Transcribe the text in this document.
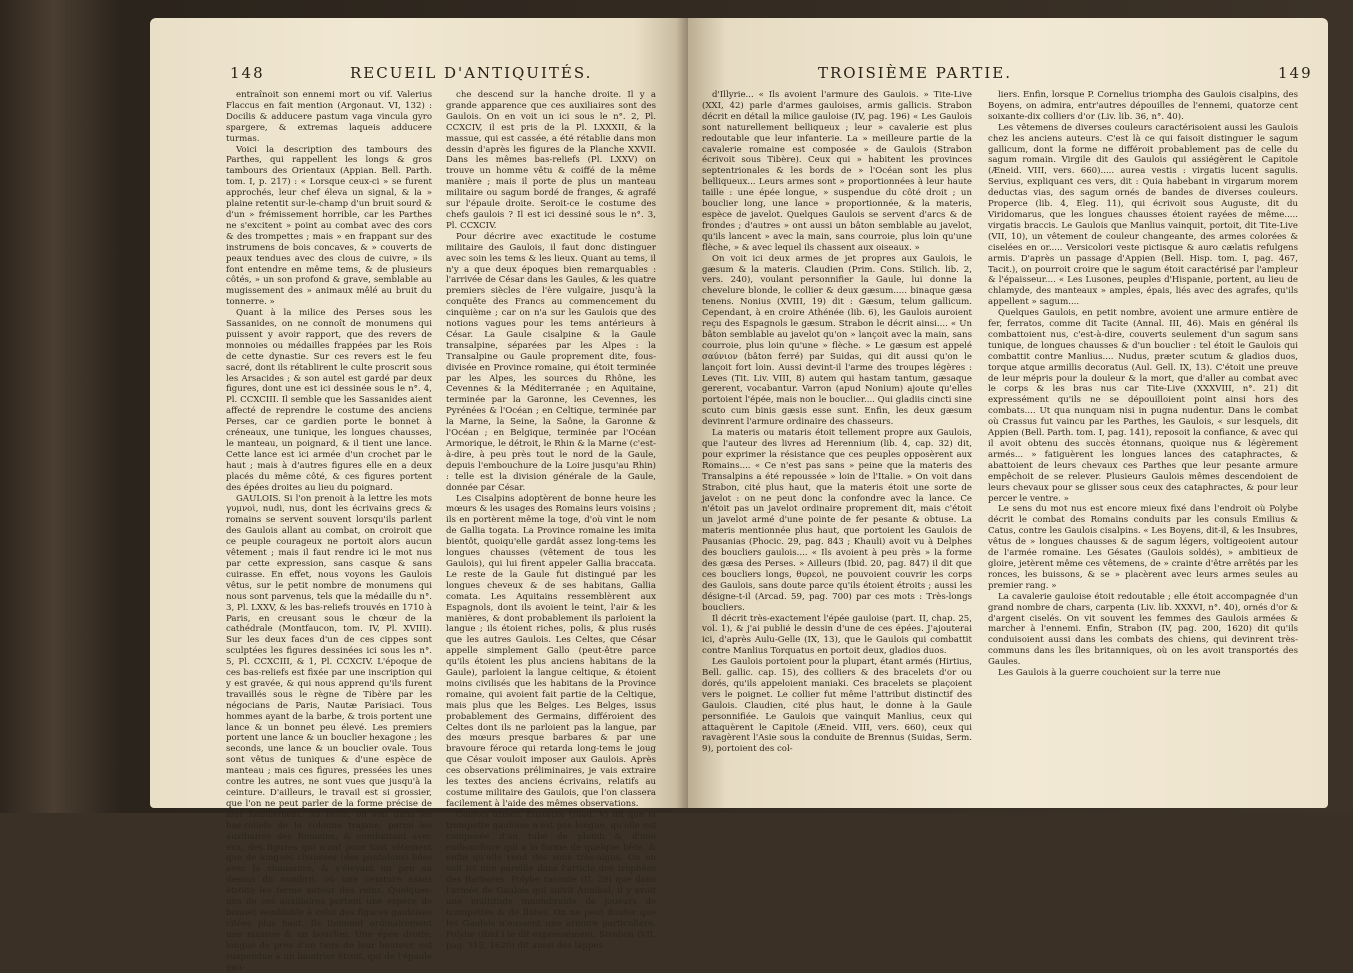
148	RECUEIL D'ANTIQUITÉS.

entraînoit son ennemi mort ou vif. Valerius Flaccus en fait mention (Argonaut. VI, 132) : Docilis & adducere pastum vaga vincula gyro spargere, & extremas laqueis adducere turmas.

Voici la description des tambours des Parthes, qui rappellent les longs & gros tambours des Orientaux (Appian. Bell. Parth. tom. I, p. 217) : « Lorsque ceux-ci » se furent approchés, leur chef éleva un signal, & la » plaine retentit sur-le-champ d'un bruit sourd & d'un » frémissement horrible, car les Parthes ne s'excitent » point au combat avec des cors & des trompettes ; mais » en frappant sur des instrumens de bois concaves, & » couverts de peaux tendues avec des clous de cuivre, » ils font entendre en même tems, & de plusieurs côtés, » un son profond & grave, semblable au mugissement des » animaux mêlé au bruit du tonnerre. »

Quant à la milice des Perses sous les Sassanides, on ne connoît de monumens qui puissent y avoir rapport, que des revers de monnoies ou médailles frappées par les Rois de cette dynastie. Sur ces revers est le feu sacré, dont ils rétablirent le culte proscrit sous les Arsacides ; & son autel est gardé par deux figures, dont une est ici dessinée sous le n°. 4, Pl. CCXCIII. Il semble que les Sassanides aient affecté de reprendre le costume des anciens Perses, car ce gardien porte le bonnet à créneaux, une tunique, les longues chausses, le manteau, un poignard, & il tient une lance. Cette lance est ici armée d'un crochet par le haut ; mais à d'autres figures elle en a deux placés du même côté, & ces figures portent des épées droites au lieu du poignard.

GAULOIS. Si l'on prenoit à la lettre les mots γυμνοὶ, nudi, nus, dont les écrivains grecs & romains se servent souvent lorsqu'ils parlent des Gaulois allant au combat, on croiroit que ce peuple courageux ne portoit alors aucun vêtement ; mais il faut rendre ici le mot nus par cette expression, sans casque & sans cuirasse. En effet, nous voyons les Gaulois vêtus, sur le petit nombre de monumens qui nous sont parvenus, tels que la médaille du n°. 3, Pl. LXXV, & les bas-reliefs trouvés en 1710 à Paris, en creusant sous le chœur de la cathédrale (Montfaucon, tom. IV, Pl. XVIII). Sur les deux faces d'un de ces cippes sont sculptées les figures dessinées ici sous les n°. 5, Pl. CCXCIII, & 1, Pl. CCXCIV. L'époque de ces bas-reliefs est fixée par une inscription qui y est gravée, & qui nous apprend qu'ils furent travaillés sous le règne de Tibère par les négocians de Paris, Nautæ Parisiaci. Tous hommes ayant de la barbe, & trois portent une lance & un bonnet peu élevé. Les premiers portent une lance & un bouclier hexagone ; les seconds, une lance & un bouclier ovale. Tous sont vêtus de tuniques & d'une espèce de manteau ; mais ces figures, pressées les unes contre les autres, ne sont vues que jusqu'à la ceinture. D'ailleurs, le travail est si grossier, que l'on ne peut parler de la forme précise de leur habillement. Au reste, on voit dans les bas-reliefs de la colonne trajane, parmi les auxiliaires des Romains, & combattant avec eux, des figures qui n'ont pour tout vêtement que de longues chausses (des pantalons) liées avec la chaussure, & s'élevant un peu au dessus du nombril, où une ceinture assez étroite les ferme autour des reins. Quelques-uns de ces auxiliaires portent une espèce de bonnet semblable à celui des figures gauloises citées plus haut. Ils tiennent ordinairement une massue & un bouclier. Une épée droite, longue de près d'un tiers de leur hauteur, est suspendue à un baudrier étroit, qui de l'épaule gau-

che descend sur la hanche droite. Il y a grande apparence que ces auxiliaires sont des Gaulois. On en voit un ici sous le n°. 2, Pl. CCXCIV, il est pris de la Pl. LXXXII, & la massue, qui est cassée, a été rétablie dans mon dessin d'après les figures de la Planche XXVII. Dans les mêmes bas-reliefs (Pl. LXXV) on trouve un homme vêtu & coiffé de la même manière ; mais il porte de plus un manteau militaire ou sagum bordé de franges, & agrafé sur l'épaule droite. Seroit-ce le costume des chefs gaulois ? Il est ici dessiné sous le n°. 3, Pl. CCXCIV.

Pour décrire avec exactitude le costume militaire des Gaulois, il faut donc distinguer avec soin les tems & les lieux. Quant au tems, il n'y a que deux époques bien remarquables : l'arrivée de César dans les Gaules, & les quatre premiers siècles de l'ère vulgaire, jusqu'à la conquête des Francs au commencement du cinquième ; car on n'a sur les Gaulois que des notions vagues pour les tems antérieurs à César. La Gaule cisalpine & la Gaule transalpine, séparées par les Alpes : la Transalpine ou Gaule proprement dite, fous-divisée en Province romaine, qui étoit terminée par les Alpes, les sources du Rhône, les Cevennes & la Méditerranée ; en Aquitaine, terminée par la Garonne, les Cevennes, les Pyrénées & l'Océan ; en Celtique, terminée par la Marne, la Seine, la Saône, la Garonne & l'Océan ; en Belgique, terminée par l'Océan Armorique, le détroit, le Rhin & la Marne (c'est-à-dire, à peu près tout le nord de la Gaule, depuis l'embouchure de la Loire jusqu'au Rhin) : telle est la division générale de la Gaule, donnée par César.

Les Cisalpins adoptèrent de bonne heure les mœurs & les usages des Romains leurs voisins ; ils en portèrent même la toge, d'où vint le nom de Gallia togata. La Province romaine les imita bientôt, quoiqu'elle gardât assez long-tems les longues chausses (vêtement de tous les Gaulois), qui lui firent appeler Gallia braccata. Le reste de la Gaule fut distingué par les longues cheveux & de ses habitans, Gallia comata. Les Aquitains ressemblèrent aux Espagnols, dont ils avoient le teint, l'air & les manières, & dont probablement ils parloient la langue ; ils étoient riches, polis, & plus rusés que les autres Gaulois. Les Celtes, que César appelle simplement Gallo (peut-être parce qu'ils étoient les plus anciens habitans de la Gaule), parloient la langue celtique, & étoient moins civilisés que les habitans de la Province romaine, qui avoient fait partie de la Celtique, mais plus que les Belges. Les Belges, issus probablement des Germains, différoient des Celtes dont ils ne parloient pas la langue, par des mœurs presque barbares & par une bravoure féroce qui retarda long-tems le joug que César vouloit imposer aux Gaulois. Après ces observations préliminaires, je vais extraire les textes des anciens écrivains, relatifs au costume militaire des Gaulois, que l'on classera facilement à l'aide des mêmes observations.

Gaulois armés. Eustathe (Iliad. V) dit que la trompette gauloise n'est pas longue, qu'elle est composée d'un tube de plomb & d'une embouchure qui a la forme de quelque bête, & enfin qu'elle rend des sons très-aigus. On en voit ici une pareille dans l'article des trophées des Barbares. Polybe raconte (II, 29) que dans l'armée de Gaulois qui suivit Annibal, il y avoit une multitude innombrable de joueurs de trompettes & de flûtes. On ne peut douter que les Gaulois n'eussent une armure particulière. Polybe (Ibid.) le dit expressément. Strabon (VII, pag. 315, 1620) dit aussi des lappes

TROISIÈME PARTIE.	149

d'Illyrie... « Ils avoient l'armure des Gaulois. » Tite-Live (XXI, 42) parle d'armes gauloises, armis gallicis. Strabon décrit en détail la milice gauloise (IV, pag. 196) « Les Gaulois sont naturellement belliqueux ; leur » cavalerie est plus redoutable que leur infanterie. La » meilleure partie de la cavalerie romaine est composée » de Gaulois (Strabon écrivoit sous Tibère). Ceux qui » habitent les provinces septentrionales & les bords de » l'Océan sont les plus belliqueux... Leurs armes sont » proportionnées à leur haute taille : une épée longue, » suspendue du côté droit ; un bouclier long, une lance » proportionnée, & la materis, espèce de javelot. Quelques Gaulois se servent d'arcs & de frondes ; d'autres » ont aussi un bâton semblable au javelot, qu'ils lancent » avec la main, sans courroie, plus loin qu'une flèche, » & avec lequel ils chassent aux oiseaux. »

On voit ici deux armes de jet propres aux Gaulois, le gæsum & la materis. Claudien (Prim. Cons. Stilich. lib. 2, vers. 240), voulant personnifier la Gaule, lui donne la chevelure blonde, le collier & deux gæsum..... binaque gæsa tenens. Nonius (XVIII, 19) dit : Gæsum, telum gallicum. Cependant, à en croire Athénée (lib. 6), les Gaulois auroient reçu des Espagnols le gæsum. Strabon le décrit ainsi.... « Un bâton semblable au javelot qu'on » lançoit avec la main, sans courroie, plus loin qu'une » flèche. » Le gæsum est appelé σαύνιον (bâton ferré) par Suidas, qui dit aussi qu'on le lançoit fort loin. Aussi devint-il l'arme des troupes légères : Leves (Tit. Liv. VIII, 8) autem qui hastam tantum, gæsaque gererent, vocabantur. Varron (apud Nonium) ajoute qu'elles portoient l'épée, mais non le bouclier.... Qui gladiis cincti sine scuto cum binis gæsis esse sunt. Enfin, les deux gæsum devinrent l'armure ordinaire des chasseurs.

La materis ou mataris étoit tellement propre aux Gaulois, que l'auteur des livres ad Herennium (lib. 4, cap. 32) dit, pour exprimer la résistance que ces peuples opposèrent aux Romains.... « Ce n'est pas sans » peine que la materis des Transalpins a été repoussée » loin de l'Italie. » On voit dans Strabon, cité plus haut, que la materis étoit une sorte de javelot : on ne peut donc la confondre avec la lance. Ce n'étoit pas un javelot ordinaire proprement dit, mais c'étoit un javelot armé d'une pointe de fer pesante & obtuse. La materis mentionnée plus haut, que portoient les Gaulois de Pausanias (Phocic. 29, pag. 843 ; Khauli) avoit vu à Delphes des boucliers gaulois.... « Ils avoient à peu près » la forme des gæsa des Perses. » Ailleurs (Ibid. 20, pag. 847) il dit que ces boucliers longs, θυρεοὶ, ne pouvoient couvrir les corps des Gaulois, sans doute parce qu'ils étoient étroits ; aussi les désigne-t-il (Arcad. 59, pag. 700) par ces mots : Très-longs boucliers.

Il décrit très-exactement l'épée gauloise (part. II, chap. 25, vol. 1), & j'ai publié le dessin d'une de ces épées. J'ajouterai ici, d'après Aulu-Gelle (IX, 13), que le Gaulois qui combattit contre Manlius Torquatus en portoit deux, gladios duos.

Les Gaulois portoient pour la plupart, étant armés (Hirtius, Bell. gallic. cap. 15), des colliers & des bracelets d'or ou dorés, qu'ils appeloient maniaki. Ces bracelets se plaçoient vers le poignet. Le collier fut même l'attribut distinctif des Gaulois. Claudien, cité plus haut, le donne à la Gaule personnifiée. Le Gaulois que vainquit Manlius, ceux qui attaquèrent le Capitole (Æneid. VIII, vers. 660), ceux qui ravagèrent l'Asie sous la conduite de Brennus (Suidas, Serm. 9), portoient des col-

liers. Enfin, lorsque P. Cornelius triompha des Gaulois cisalpins, des Boyens, on admira, entr'autres dépouilles de l'ennemi, quatorze cent soixante-dix colliers d'or (Liv. lib. 36, n°. 40).

Les vêtemens de diverses couleurs caractérisoient aussi les Gaulois chez les anciens auteurs. C'est là ce qui faisoit distinguer le sagum gallicum, dont la forme ne différoit probablement pas de celle du sagum romain. Virgile dit des Gaulois qui assiégèrent le Capitole (Æneid. VIII, vers. 660)..... aurea vestis : virgatis lucent sagulis. Servius, expliquant ces vers, dit : Quia habebant in virgarum morem deductas vias, des sagum ornés de bandes de diverses couleurs. Properce (lib. 4, Eleg. 11), qui écrivoit sous Auguste, dit du Viridomarus, que les longues chausses étoient rayées de même..... virgatis braccis. Le Gaulois que Manlius vainquit, portoit, dit Tite-Live (VII, 10), un vêtement de couleur changeante, des armes colorées & ciselées en or..... Versicolori veste pictisque & auro cælatis refulgens armis. D'après un passage d'Appien (Bell. Hisp. tom. I, pag. 467, Tacit.), on pourroit croire que le sagum étoit caractérisé par l'ampleur & l'épaisseur.... « Les Lusones, peuples d'Hispanie, portent, au lieu de chlamyde, des manteaux » amples, épais, liés avec des agrafes, qu'ils appellent » sagum....

Quelques Gaulois, en petit nombre, avoient une armure entière de fer, ferratos, comme dit Tacite (Annal. III, 46). Mais en général ils combattoient nus, c'est-à-dire, couverts seulement d'un sagum sans tunique, de longues chausses & d'un bouclier : tel étoit le Gaulois qui combattit contre Manlius.... Nudus, præter scutum & gladios duos, torque atque armillis decoratus (Aul. Gell. IX, 13). C'étoit une preuve de leur mépris pour la douleur & la mort, que d'aller au combat avec le corps & les bras nus car Tite-Live (XXXVIII, n°. 21) dit expressément qu'ils ne se dépouilloient point ainsi hors des combats.... Ut qua nunquam nisi in pugna nudentur. Dans le combat où Crassus fut vaincu par les Parthes, les Gaulois, « sur lesquels, dit Appien (Bell. Parth. tom. I, pag. 141), reposoit la confiance, & avec qui il avoit obtenu des succès étonnans, quoique nus & légèrement armés... » fatiguèrent les longues lances des cataphractes, & abattoient de leurs chevaux ces Parthes que leur pesante armure empêchoit de se relever. Plusieurs Gaulois mêmes descendoient de leurs chevaux pour se glisser sous ceux des cataphractes, & pour leur percer le ventre. »

Le sens du mot nus est encore mieux fixé dans l'endroit où Polybe décrit le combat des Romains conduits par les consuls Emilius & Catus, contre les Gaulois cisalpins. « Les Boyens, dit-il, & les Insubres, vêtus de » longues chausses & de sagum légers, voltigeoient autour de l'armée romaine. Les Gésates (Gaulois soldés), » ambitieux de gloire, jetèrent même ces vêtemens, de » crainte d'être arrêtés par les ronces, les buissons, & se » placèrent avec leurs armes seules au premier rang. »

La cavalerie gauloise étoit redoutable ; elle étoit accompagnée d'un grand nombre de chars, carpenta (Liv. lib. XXXVI, n°. 40), ornés d'or & d'argent ciselés. On vit souvent les femmes des Gaulois armées & marcher à l'ennemi. Enfin, Strabon (IV, pag. 200, 1620) dit qu'ils conduisoient aussi dans les combats des chiens, qui devinrent très-communs dans les îles britanniques, où on les avoit transportés des Gaules.

Les Gaulois à la guerre couchoient sur la terre nue
